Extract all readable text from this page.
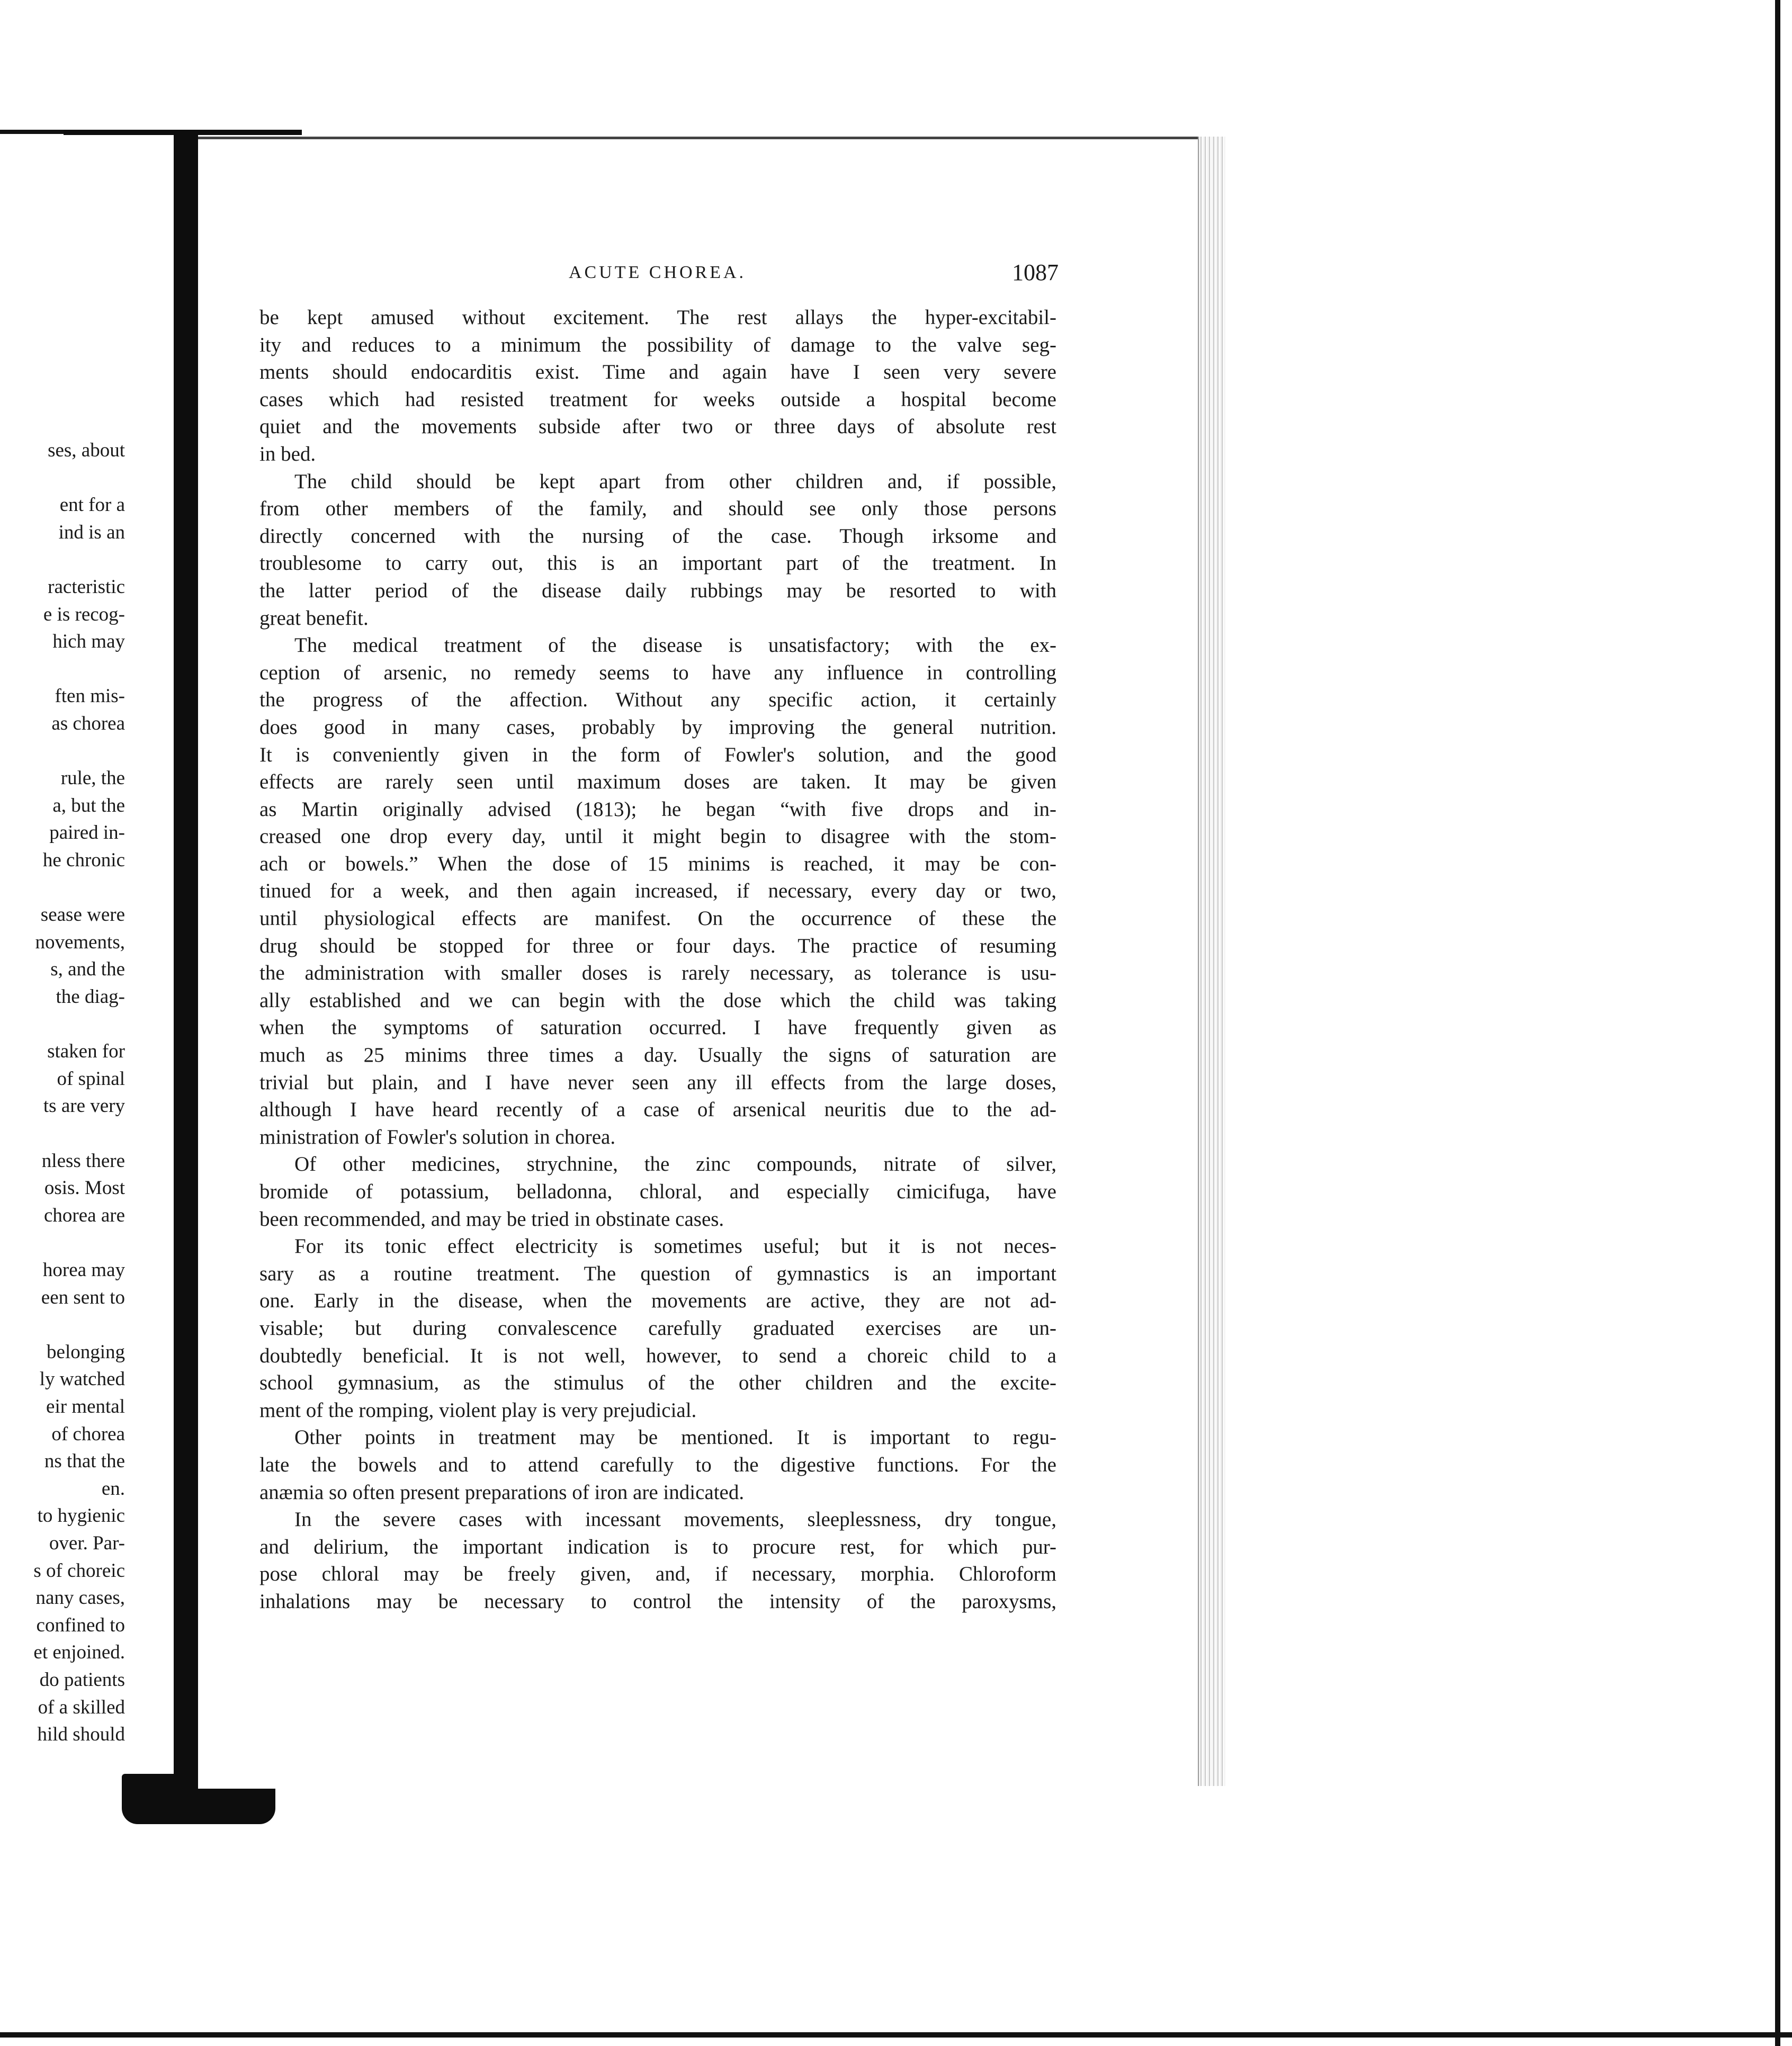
ses, about
ent for a
ind is an
racteristic
e is recog-
hich may
ften mis-
as chorea
rule, the
a, but the
paired in-
he chronic
sease were
novements,
s, and the
the diag-
staken for
of spinal
ts are very
nless there
osis. Most
chorea are
horea may
een sent to
belonging
ly watched
eir mental
of chorea
ns that the
en.
to hygienic
over. Par-
s of choreic
nany cases,
confined to
et enjoined.
do patients
of a skilled
hild should
ACUTE CHOREA.	1087
be kept amused without excitement. The rest allays the hyper-excitabil-
ity and reduces to a minimum the possibility of damage to the valve seg-
ments should endocarditis exist. Time and again have I seen very severe
cases which had resisted treatment for weeks outside a hospital become
quiet and the movements subside after two or three days of absolute rest
in bed.
The child should be kept apart from other children and, if possible,
from other members of the family, and should see only those persons
directly concerned with the nursing of the case. Though irksome and
troublesome to carry out, this is an important part of the treatment. In
the latter period of the disease daily rubbings may be resorted to with
great benefit.
The medical treatment of the disease is unsatisfactory; with the ex-
ception of arsenic, no remedy seems to have any influence in controlling
the progress of the affection. Without any specific action, it certainly
does good in many cases, probably by improving the general nutrition.
It is conveniently given in the form of Fowler's solution, and the good
effects are rarely seen until maximum doses are taken. It may be given
as Martin originally advised (1813); he began “with five drops and in-
creased one drop every day, until it might begin to disagree with the stom-
ach or bowels.” When the dose of 15 minims is reached, it may be con-
tinued for a week, and then again increased, if necessary, every day or two,
until physiological effects are manifest. On the occurrence of these the
drug should be stopped for three or four days. The practice of resuming
the administration with smaller doses is rarely necessary, as tolerance is usu-
ally established and we can begin with the dose which the child was taking
when the symptoms of saturation occurred. I have frequently given as
much as 25 minims three times a day. Usually the signs of saturation are
trivial but plain, and I have never seen any ill effects from the large doses,
although I have heard recently of a case of arsenical neuritis due to the ad-
ministration of Fowler's solution in chorea.
Of other medicines, strychnine, the zinc compounds, nitrate of silver,
bromide of potassium, belladonna, chloral, and especially cimicifuga, have
been recommended, and may be tried in obstinate cases.
For its tonic effect electricity is sometimes useful; but it is not neces-
sary as a routine treatment. The question of gymnastics is an important
one. Early in the disease, when the movements are active, they are not ad-
visable; but during convalescence carefully graduated exercises are un-
doubtedly beneficial. It is not well, however, to send a choreic child to a
school gymnasium, as the stimulus of the other children and the excite-
ment of the romping, violent play is very prejudicial.
Other points in treatment may be mentioned. It is important to regu-
late the bowels and to attend carefully to the digestive functions. For the
anæmia so often present preparations of iron are indicated.
In the severe cases with incessant movements, sleeplessness, dry tongue,
and delirium, the important indication is to procure rest, for which pur-
pose chloral may be freely given, and, if necessary, morphia. Chloroform
inhalations may be necessary to control the intensity of the paroxysms,
